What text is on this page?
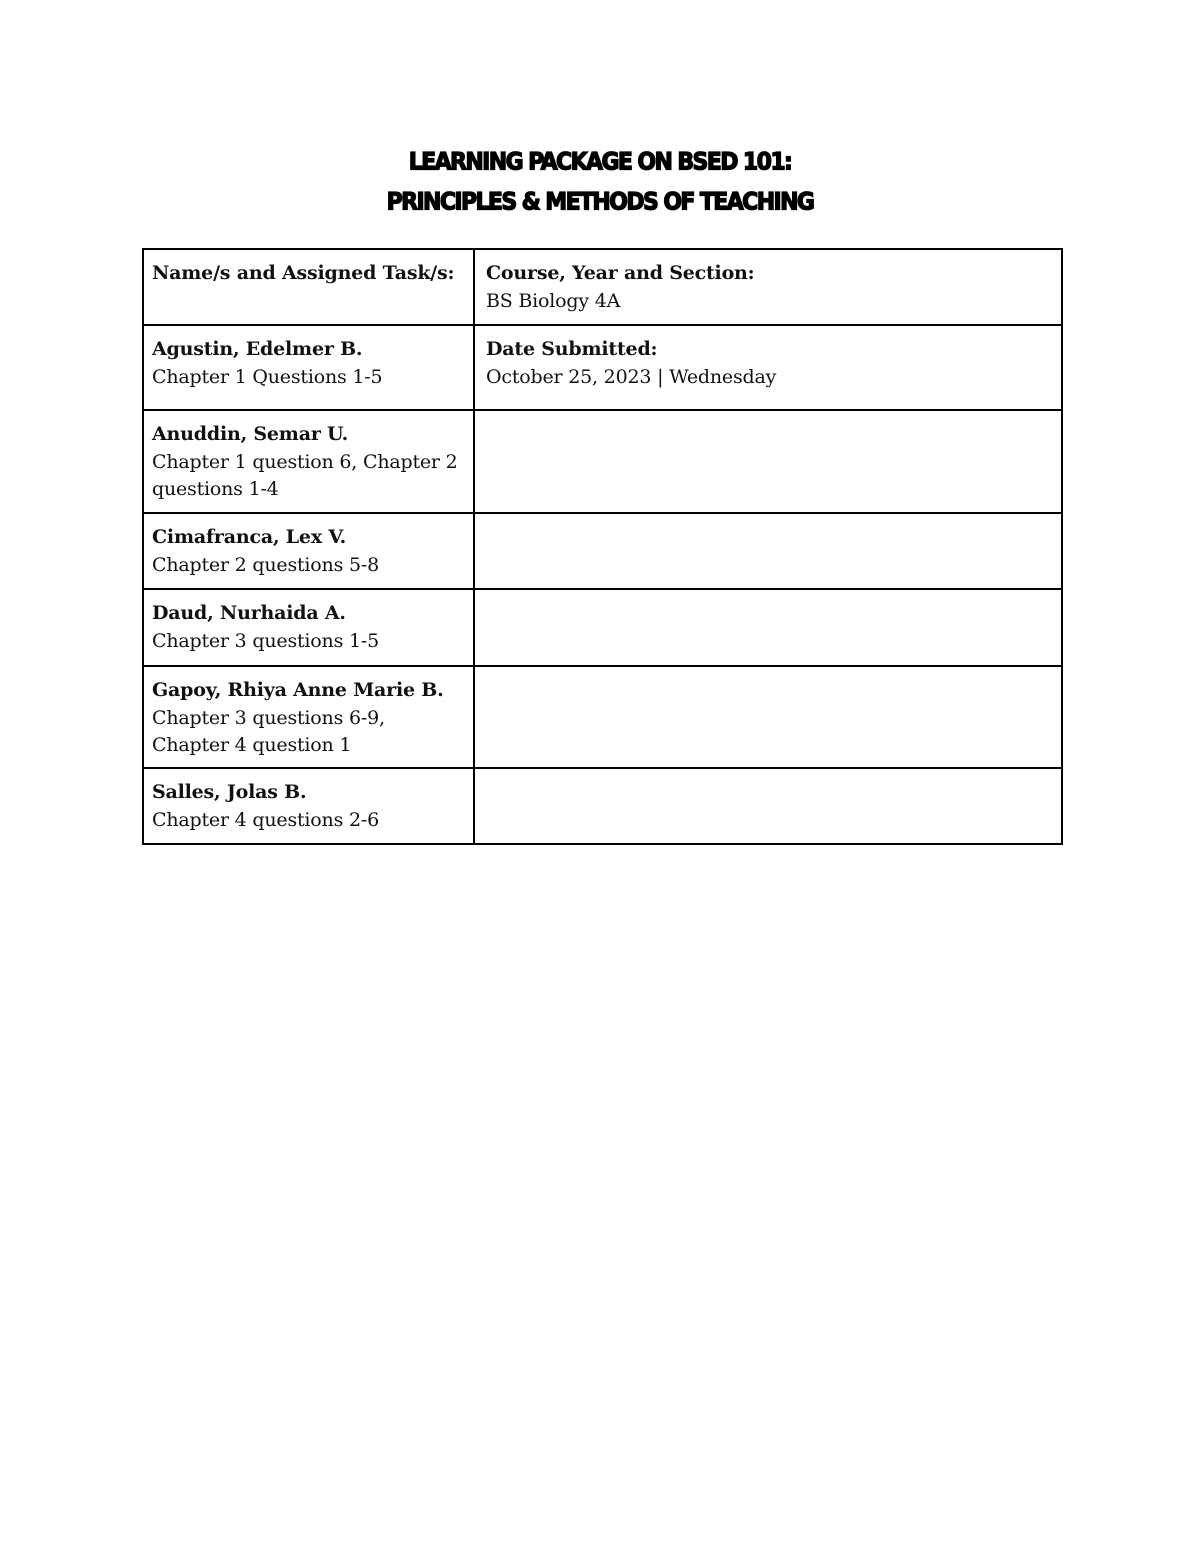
LEARNING PACKAGE ON BSED 101:
PRINCIPLES & METHODS OF TEACHING
Name/s and Assigned Task/s:	Course, Year and Section:
BS Biology 4A

Agustin, Edelmer B.
Chapter 1 Questions 1-5	Date Submitted:
October 25, 2023 | Wednesday

Anuddin, Semar U.
Chapter 1 question 6, Chapter 2 questions 1-4	

Cimafranca, Lex V.
Chapter 2 questions 5-8	

Daud, Nurhaida A.
Chapter 3 questions 1-5	

Gapoy, Rhiya Anne Marie B.
Chapter 3 questions 6-9, Chapter 4 question 1	

Salles, Jolas B.
Chapter 4 questions 2-6	
